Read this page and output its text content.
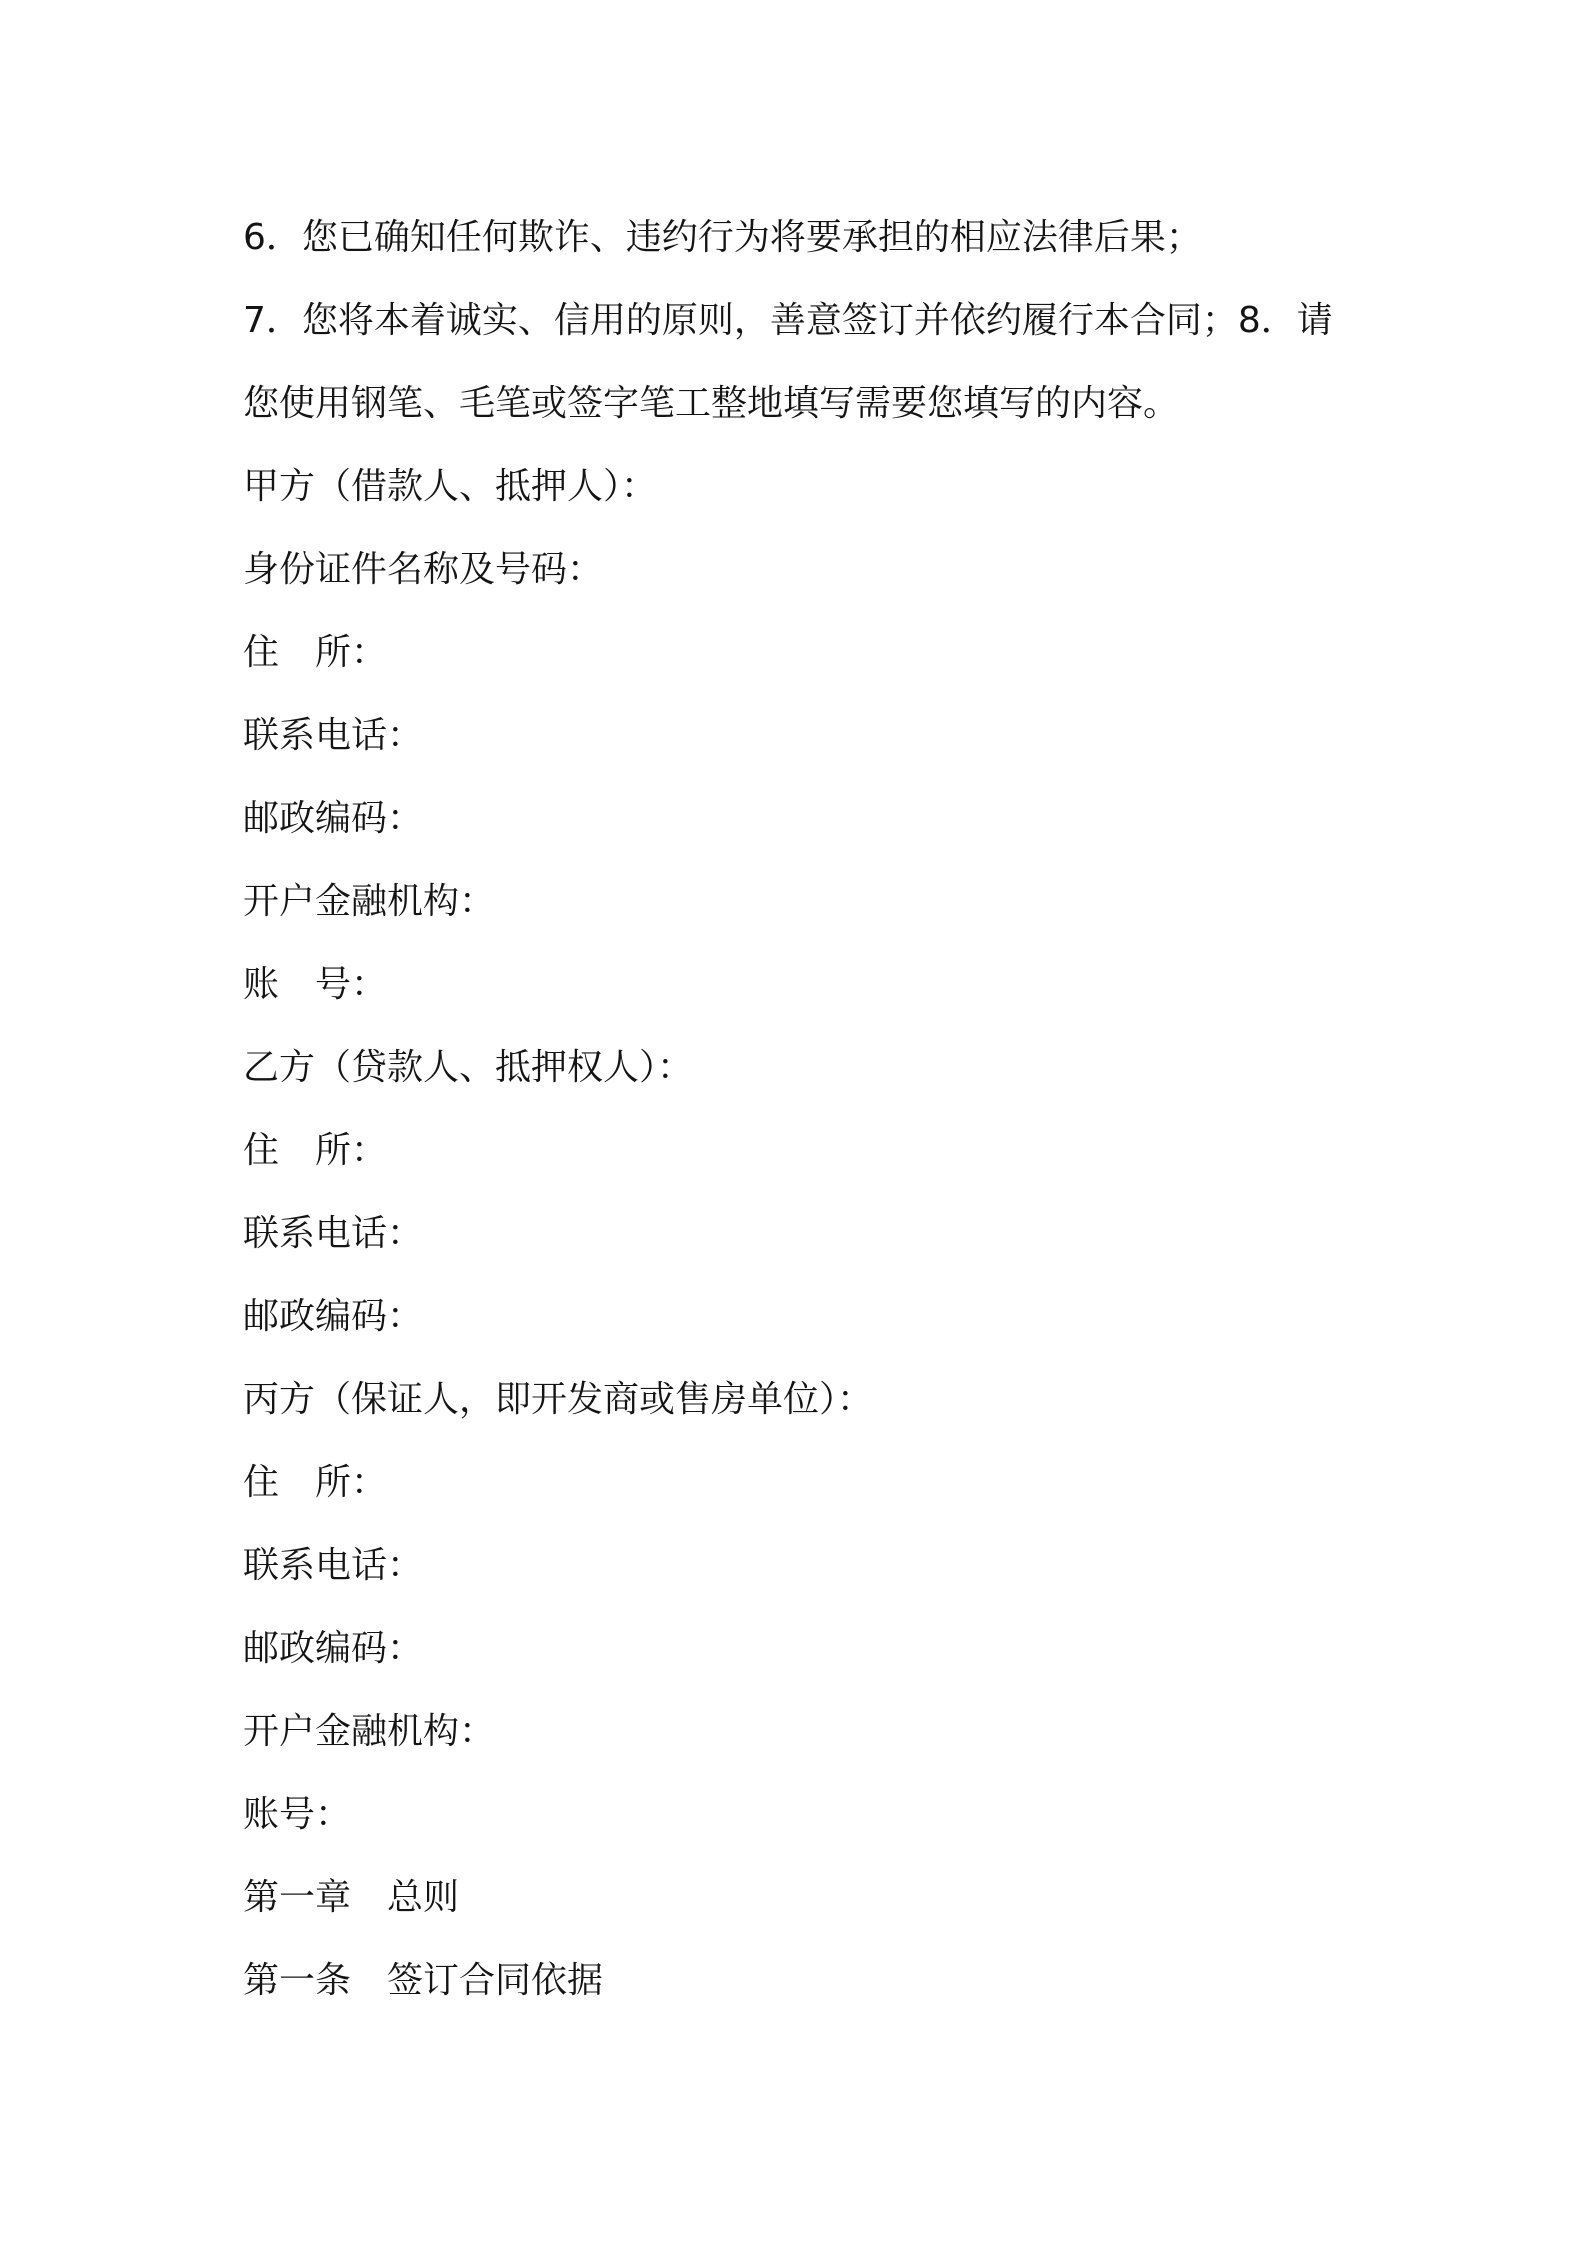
6．您已确知任何欺诈、违约行为将要承担的相应法律后果；
7．您将本着诚实、信用的原则，善意签订并依约履行本合同；8．请
您使用钢笔、毛笔或签字笔工整地填写需要您填写的内容。
甲方（借款人、抵押人）：
身份证件名称及号码：
住　所：
联系电话：
邮政编码：
开户金融机构：
账　号：
乙方（贷款人、抵押权人）：
住　所：
联系电话：
邮政编码：
丙方（保证人，即开发商或售房单位）：
住　所：
联系电话：
邮政编码：
开户金融机构：
账号：
第一章　总则
第一条　签订合同依据
